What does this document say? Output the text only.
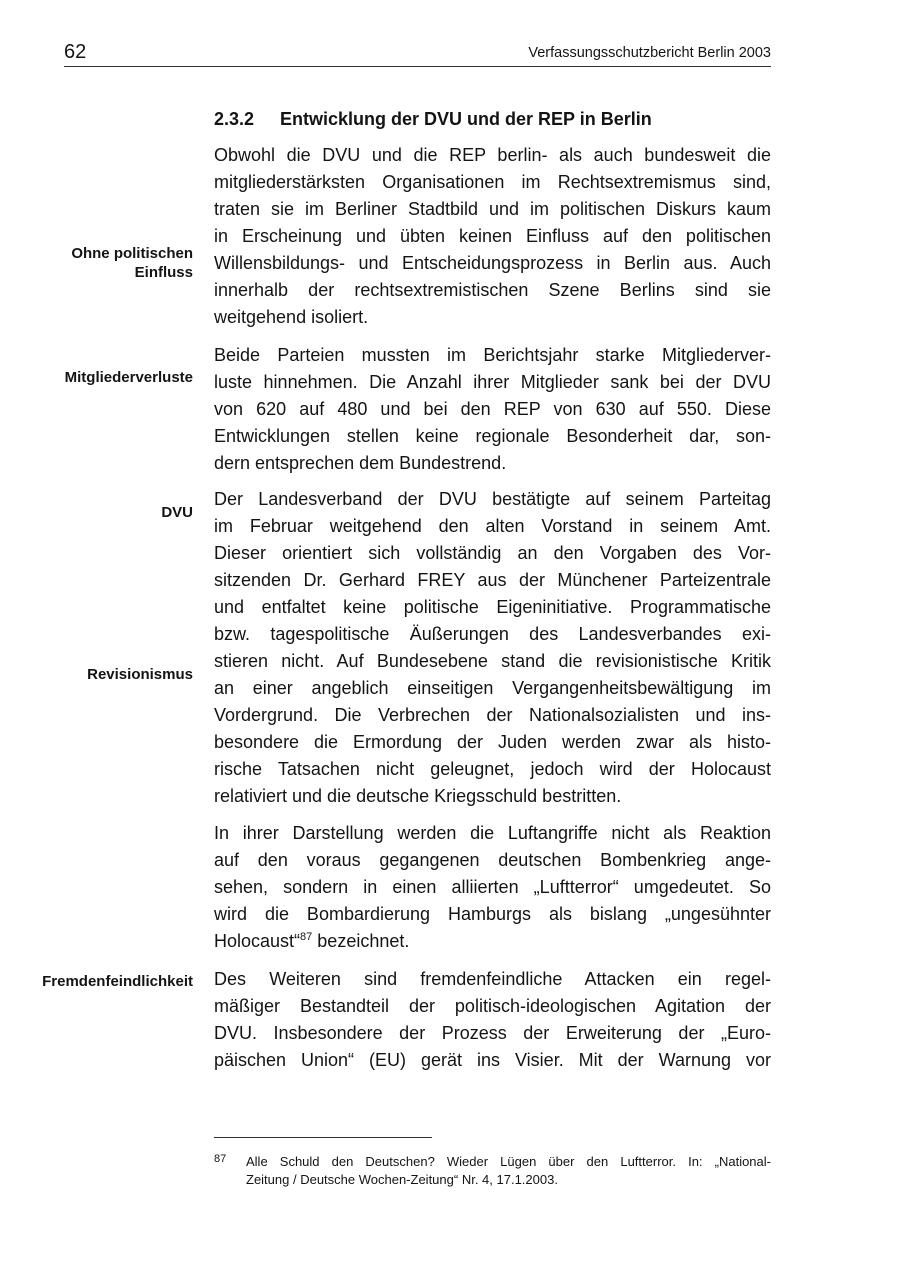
62	Verfassungsschutzbericht Berlin 2003
2.3.2 Entwicklung der DVU und der REP in Berlin
Ohne politischen
Einfluss
Mitgliederverluste
DVU
Revisionismus
Fremdenfeindlichkeit
Obwohl die DVU und die REP berlin- als auch bundesweit die
mitgliederstärksten Organisationen im Rechtsextremismus sind,
traten sie im Berliner Stadtbild und im politischen Diskurs kaum
in Erscheinung und übten keinen Einfluss auf den politischen
Willensbildungs- und Entscheidungsprozess in Berlin aus. Auch
innerhalb der rechtsextremistischen Szene Berlins sind sie
weitgehend isoliert.
Beide Parteien mussten im Berichtsjahr starke Mitgliederver-
luste hinnehmen. Die Anzahl ihrer Mitglieder sank bei der DVU
von 620 auf 480 und bei den REP von 630 auf 550. Diese
Entwicklungen stellen keine regionale Besonderheit dar, son-
dern entsprechen dem Bundestrend.
Der Landesverband der DVU bestätigte auf seinem Parteitag
im Februar weitgehend den alten Vorstand in seinem Amt.
Dieser orientiert sich vollständig an den Vorgaben des Vor-
sitzenden Dr. Gerhard FREY aus der Münchener Parteizentrale
und entfaltet keine politische Eigeninitiative. Programmatische
bzw. tagespolitische Äußerungen des Landesverbandes exi-
stieren nicht. Auf Bundesebene stand die revisionistische Kritik
an einer angeblich einseitigen Vergangenheitsbewältigung im
Vordergrund. Die Verbrechen der Nationalsozialisten und ins-
besondere die Ermordung der Juden werden zwar als histo-
rische Tatsachen nicht geleugnet, jedoch wird der Holocaust
relativiert und die deutsche Kriegsschuld bestritten.
In ihrer Darstellung werden die Luftangriffe nicht als Reaktion
auf den voraus gegangenen deutschen Bombenkrieg ange-
sehen, sondern in einen alliierten „Luftterror“ umgedeutet. So
wird die Bombardierung Hamburgs als bislang „ungesühnter
Holocaust“$^{87}$ bezeichnet.
Des Weiteren sind fremdenfeindliche Attacken ein regel-
mäßiger Bestandteil der politisch-ideologischen Agitation der
DVU. Insbesondere der Prozess der Erweiterung der „Euro-
päischen Union“ (EU) gerät ins Visier. Mit der Warnung vor
87 Alle Schuld den Deutschen? Wieder Lügen über den Luftterror. In: „National-
Zeitung / Deutsche Wochen-Zeitung“ Nr. 4, 17.1.2003.
